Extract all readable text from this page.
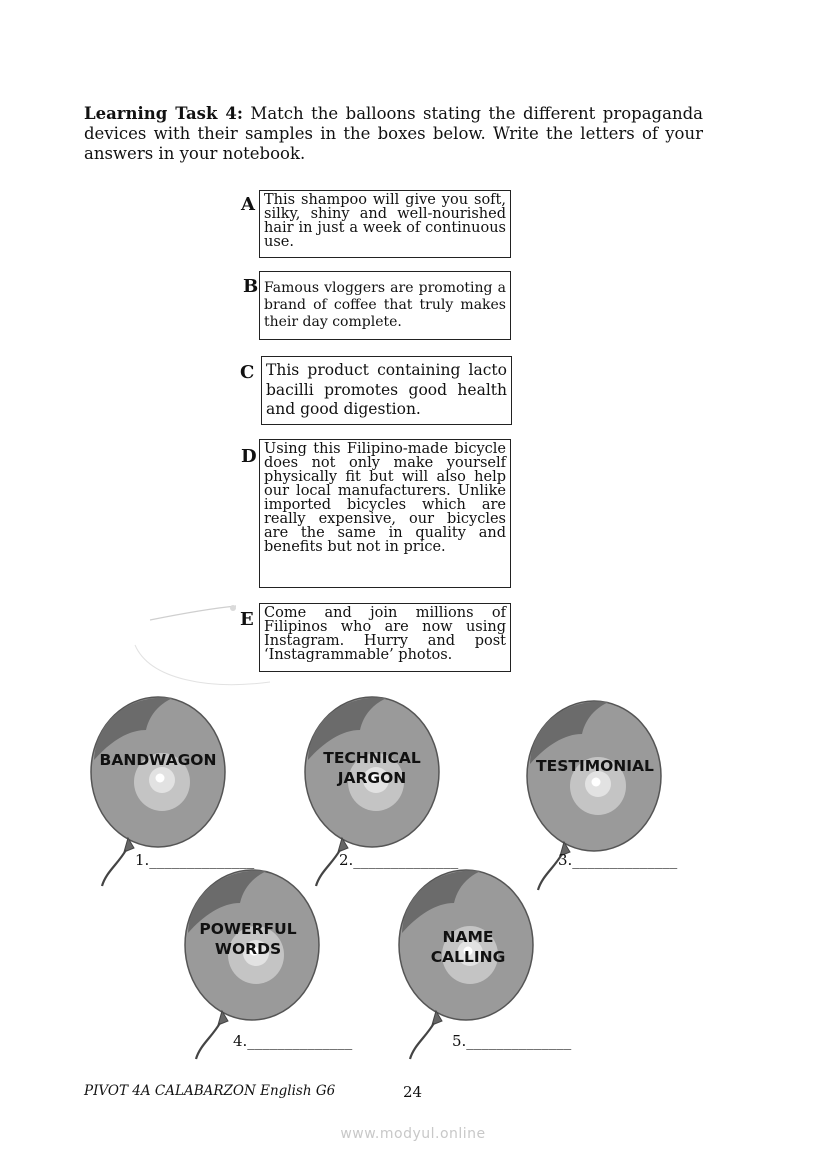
Learning Task 4: Match the balloons stating the different propaganda devices with their samples in the boxes below. Write the letters of your answers in your notebook.
A This shampoo will give you soft, silky, shiny and well-nourished hair in just a week of continuous use.
B Famous vloggers are promoting a brand of coffee that truly makes their day complete.
C This product containing lacto bacilli promotes good health and good digestion.
D Using this Filipino-made bicycle does not only make yourself physically fit but will also help our local manufacturers. Unlike imported bicycles which are really expensive, our bicycles are the same in quality and benefits but not in price.
E Come and join millions of Filipinos who are now using Instagram. Hurry and post ‘Instagrammable’ photos.
BANDWAGON	TECHNICAL
JARGON
TESTIMONIAL
POWERFUL
WORDS
NAME
CALLING
1.______________	2.______________	3.______________
4.______________	5.______________
PIVOT 4A CALABARZON English G6	24
www.modyul.online
